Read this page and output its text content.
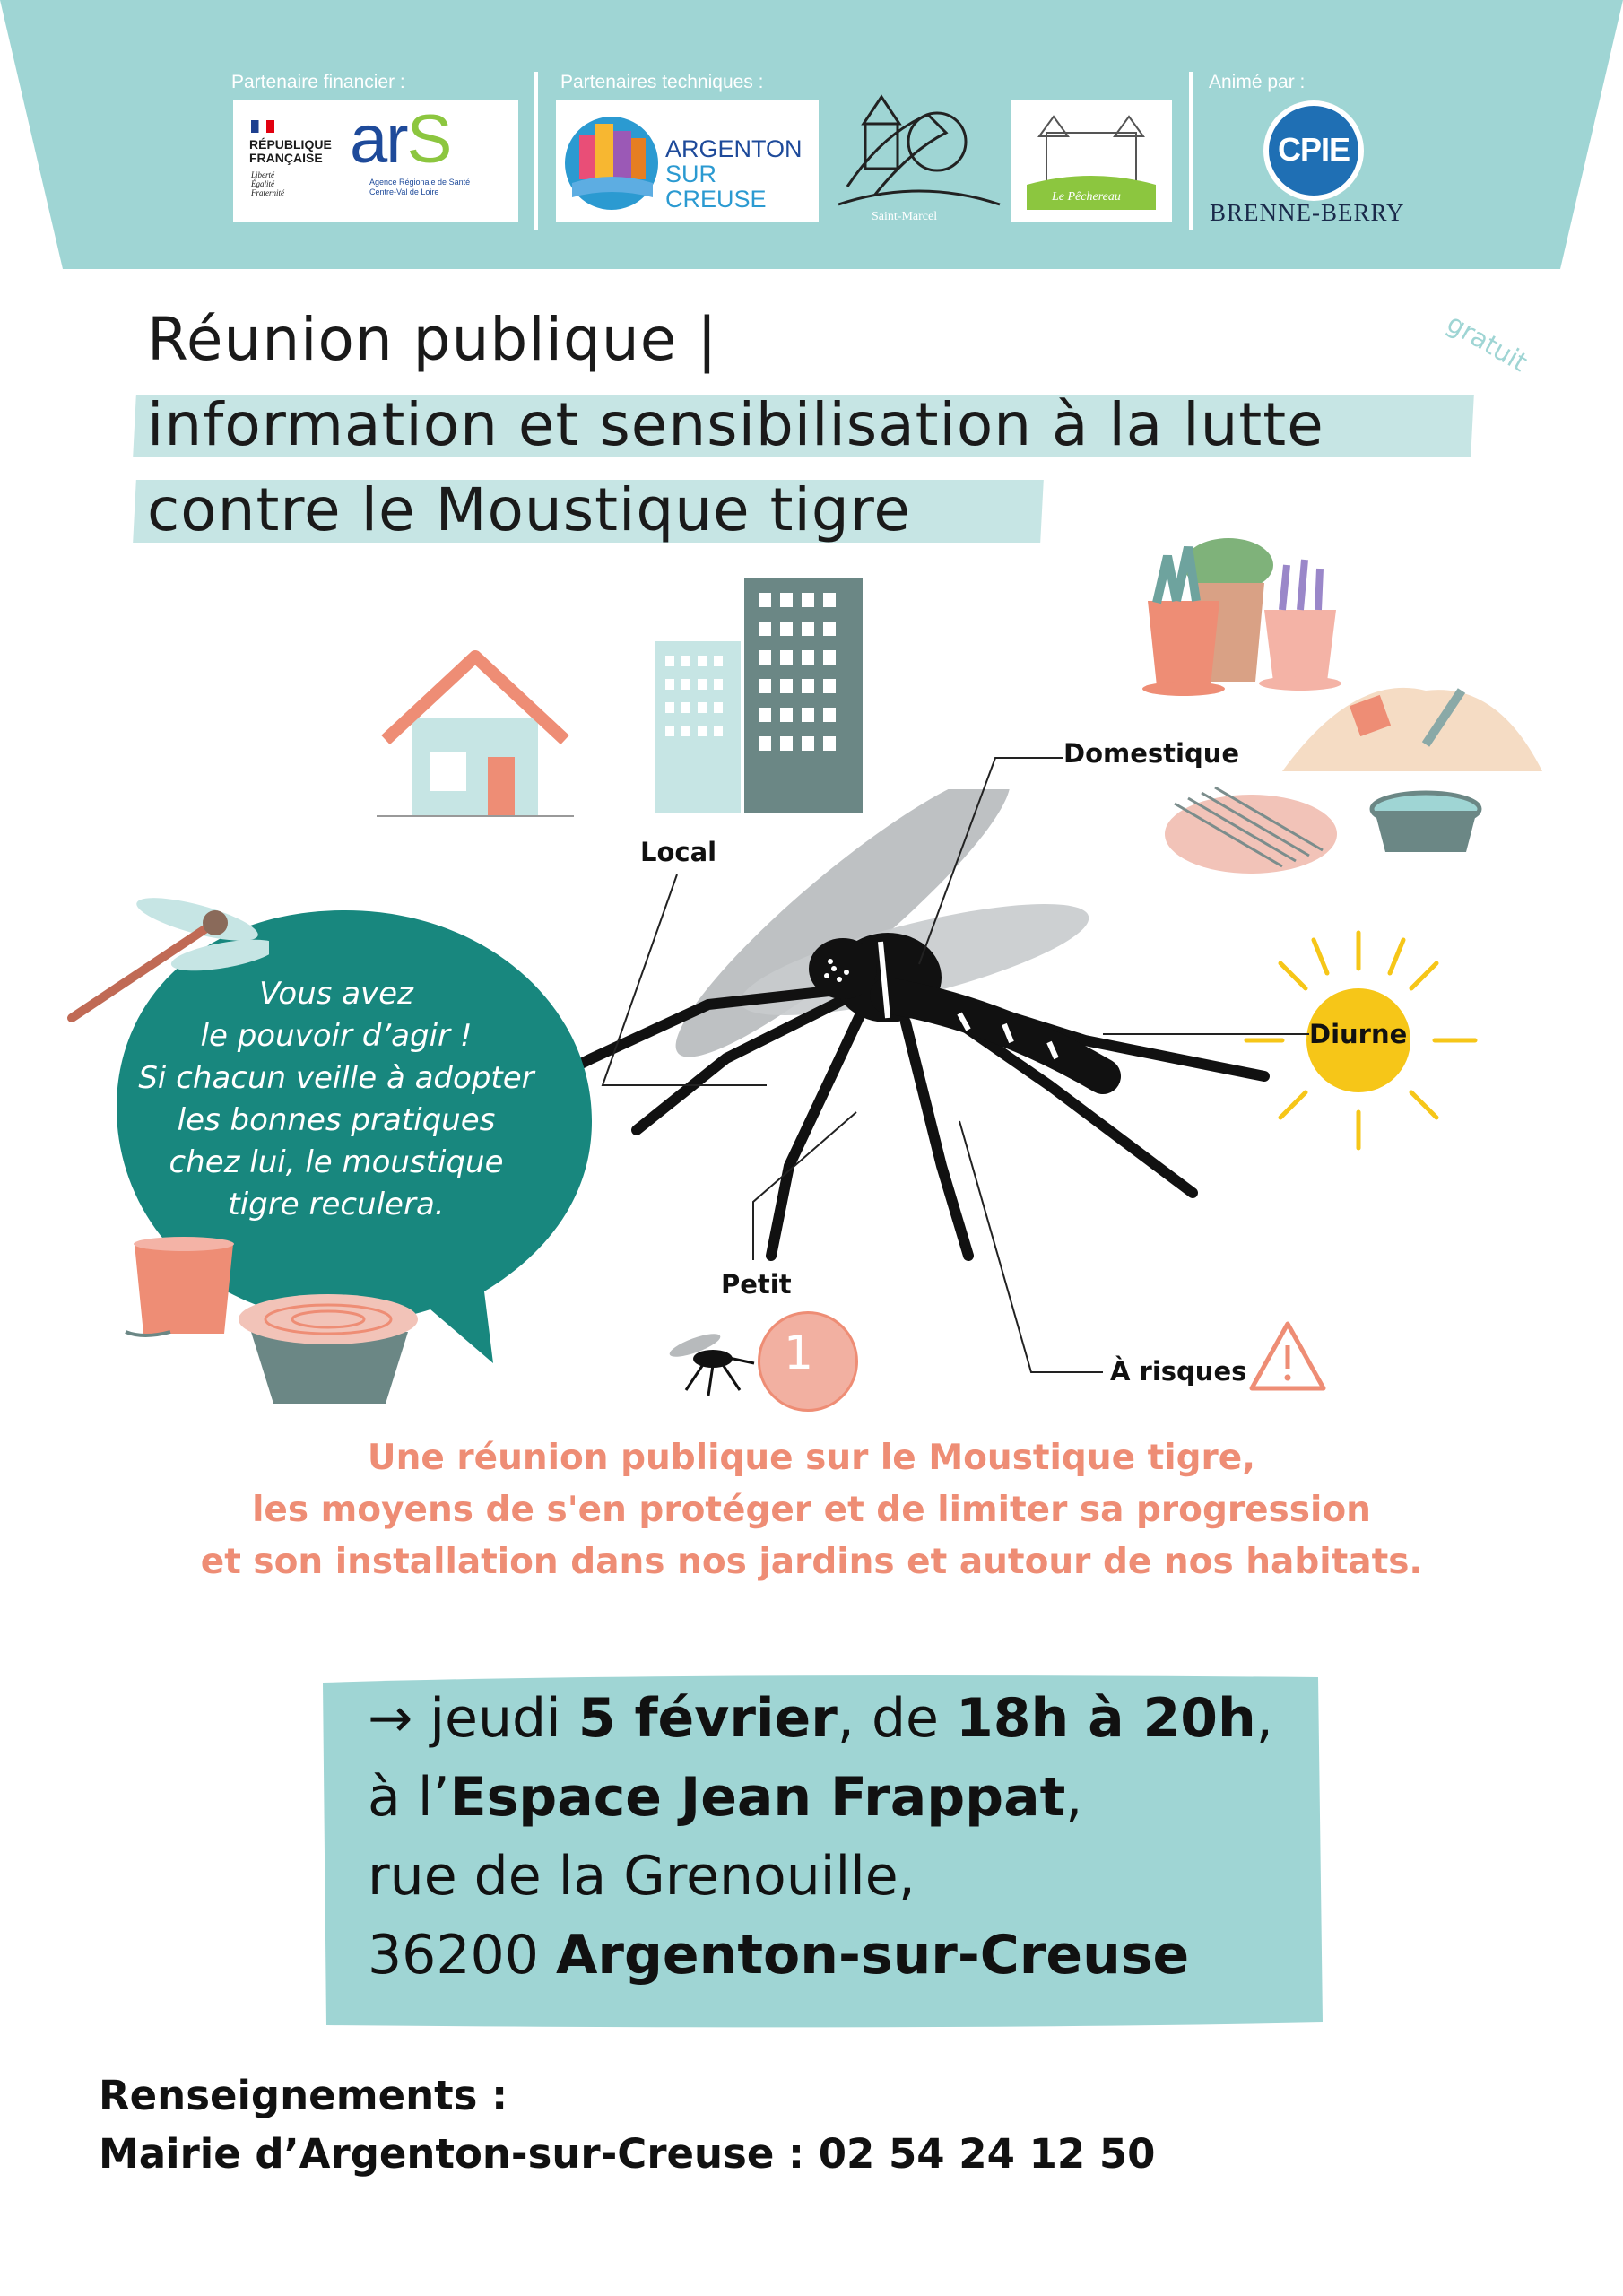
Partenaire financier :	Partenaires techniques :	Animé par :
RÉPUBLIQUE
FRANÇAISE
Liberté
Égalité
Fraternité
arS
Agence Régionale de Santé
Centre-Val de Loire
ARGENTON
SUR CREUSE
Saint-Marcel
Le Pêchereau
CPIE
BRENNE-BERRY
gratuit
Réunion publique |
information et sensibilisation à la lutte
contre le Moustique tigre
Domestique
Local
Diurne
Petit
À risques
1
Vous avez
le pouvoir d’agir !
Si chacun veille à adopter
les bonnes pratiques
chez lui, le moustique
tigre reculera.
Une réunion publique sur le Moustique tigre,
les moyens de s'en protéger et de limiter sa progression
et son installation dans nos jardins et autour de nos habitats.
→ jeudi 5 février, de 18h à 20h,
à l’Espace Jean Frappat,
rue de la Grenouille,
36200 Argenton-sur-Creuse
Renseignements :
Mairie d’Argenton-sur-Creuse : 02 54 24 12 50
